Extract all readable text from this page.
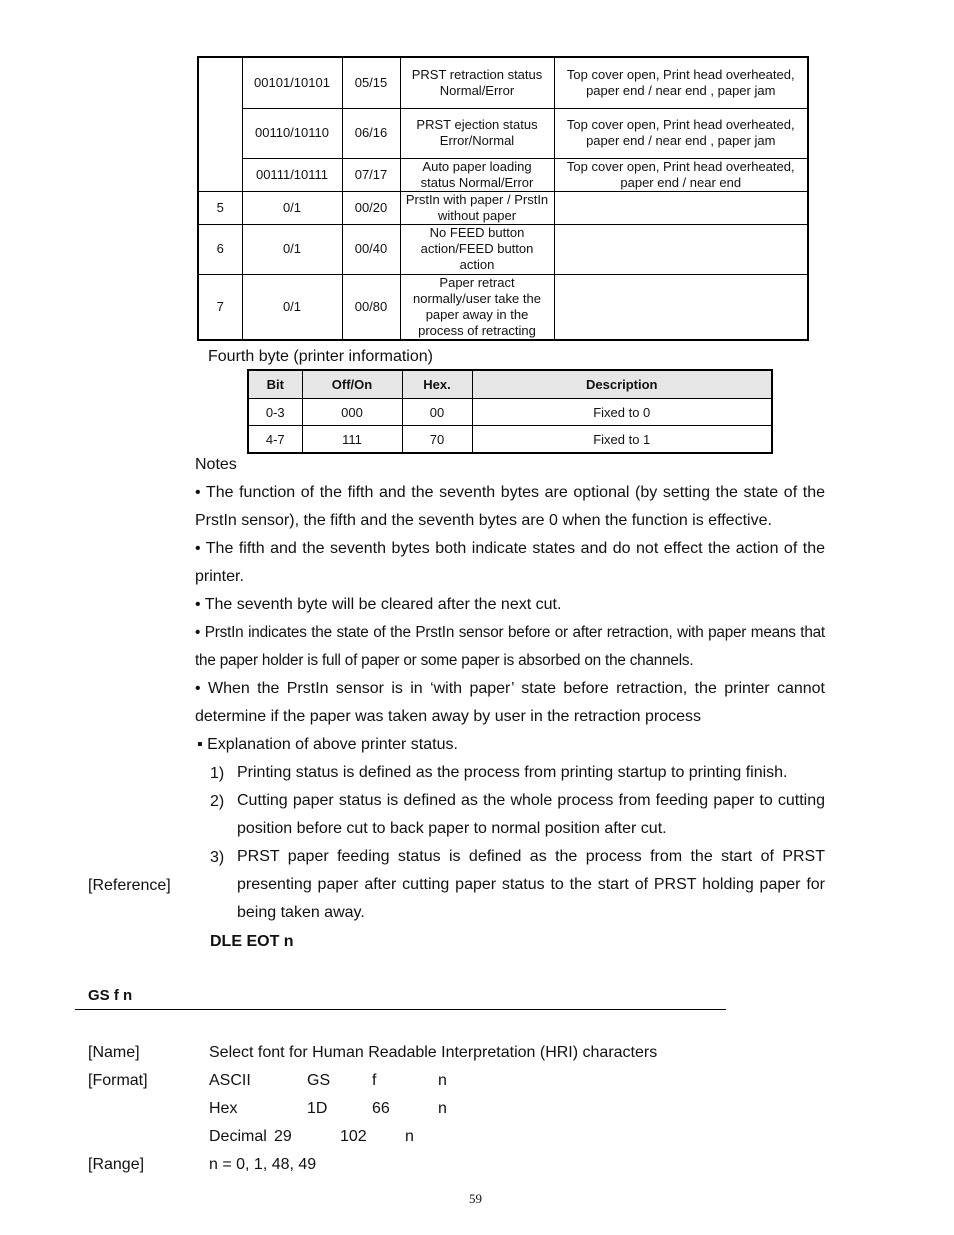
	00101/10101	05/15	PRST retraction status Normal/Error	Top cover open, Print head overheated, paper end / near end , paper jam
	00110/10110	06/16	PRST ejection status Error/Normal	Top cover open, Print head overheated, paper end / near end , paper jam
	00111/10111	07/17	Auto paper loading status Normal/Error	Top cover open, Print head overheated, paper end / near end
5	0/1	00/20	PrstIn with paper / PrstIn without paper	
6	0/1	00/40	No FEED button action/FEED button action	
7	0/1	00/80	Paper retract normally/user take the paper away in the process of retracting	
Fourth byte (printer information)
Bit	Off/On	Hex.	Description
0-3	000	00	Fixed to 0
4-7	111	70	Fixed to 1
Notes
• The function of the fifth and the seventh bytes are optional (by setting the state of the PrstIn sensor), the fifth and the seventh bytes are 0 when the function is effective.
• The fifth and the seventh bytes both indicate states and do not effect the action of the printer.
• The seventh byte will be cleared after the next cut.
• PrstIn indicates the state of the PrstIn sensor before or after retraction, with paper means that the paper holder is full of paper or some paper is absorbed on the channels.
• When the PrstIn sensor is in ‘with paper’ state before retraction, the printer cannot determine if the paper was taken away by user in the retraction process
▪ Explanation of above printer status.
1) Printing status is defined as the process from printing startup to printing finish.
2) Cutting paper status is defined as the whole process from feeding paper to cutting position before cut to back paper to normal position after cut.
3) PRST paper feeding status is defined as the process from the start of PRST presenting paper after cutting paper status to the start of PRST holding paper for being taken away.
[Reference]
DLE EOT n
GS f n
[Name]	Select font for Human Readable Interpretation (HRI) characters
[Format]	ASCII	GS	f	n
Hex	1D	66	n
Decimal 29	102 n
[Range]	n = 0, 1, 48, 49
59
